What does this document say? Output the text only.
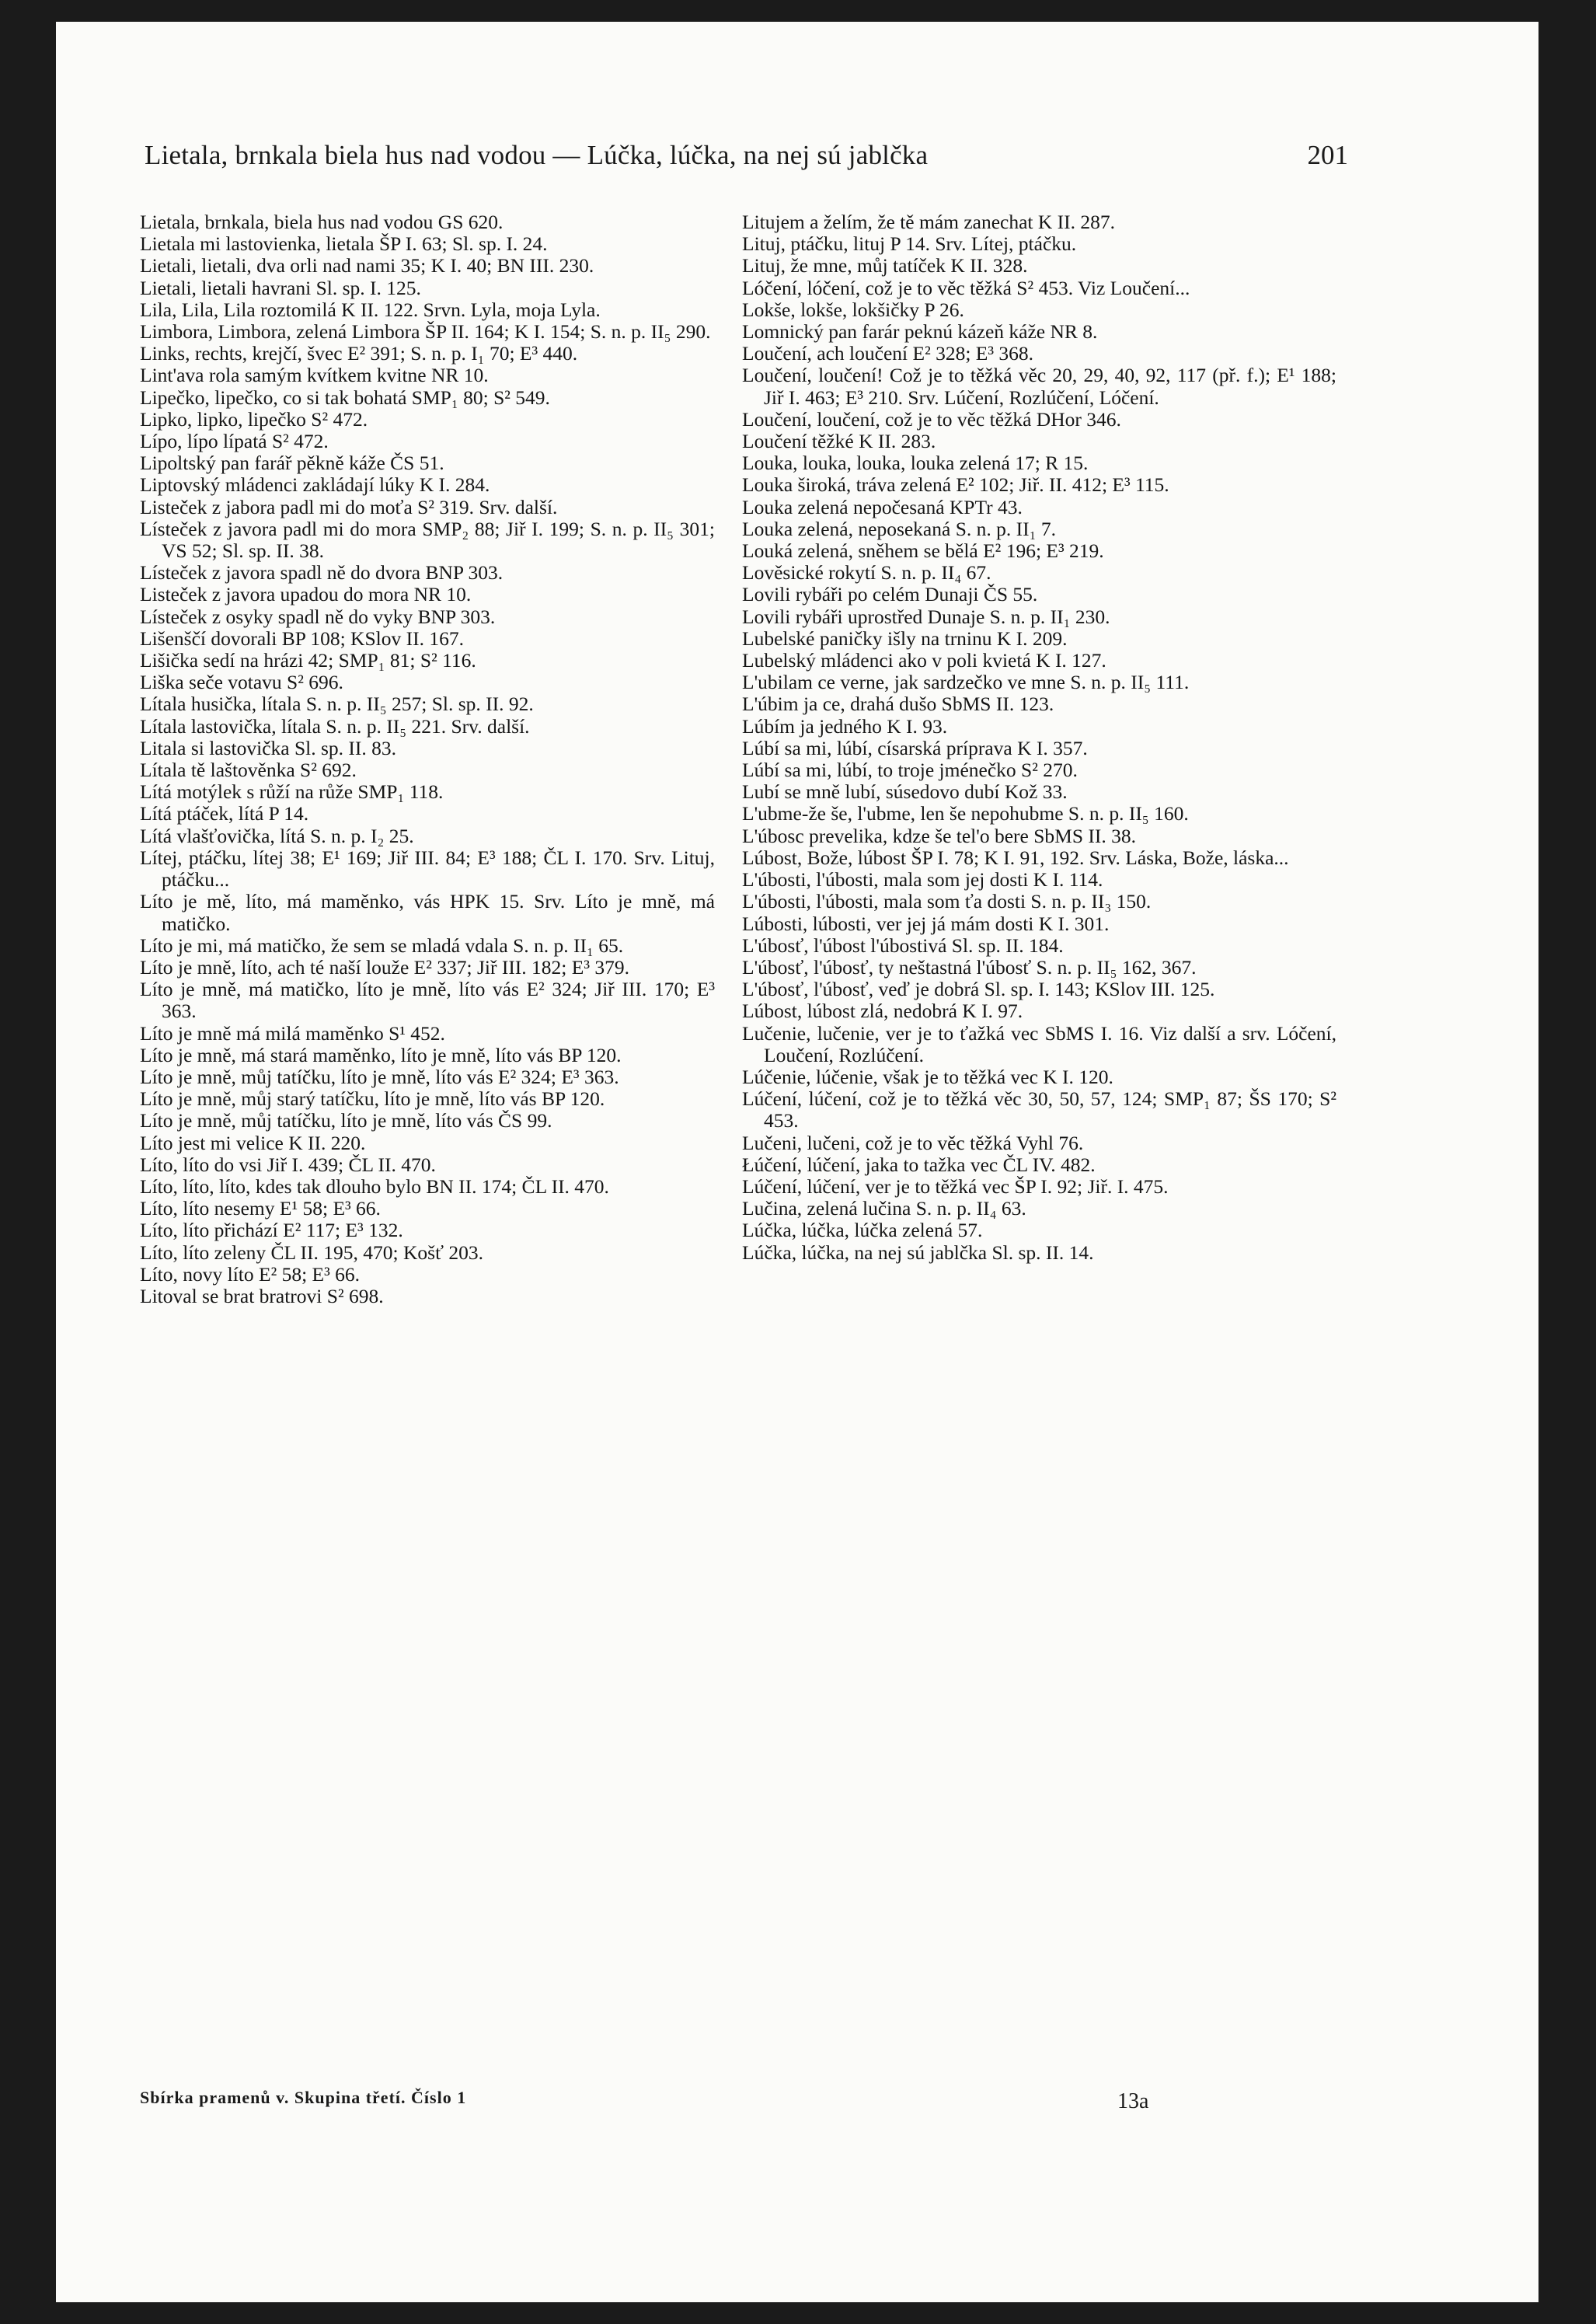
Lietala, brnkala biela hus nad vodou — Lúčka, lúčka, na nej sú jablčka	201

Lietala, brnkala, biela hus nad vodou GS 620.

Lietala mi lastovienka, lietala ŠP I. 63; Sl. sp. I. 24.

Lietali, lietali, dva orli nad nami 35; K I. 40; BN III. 230.

Lietali, lietali havrani Sl. sp. I. 125.

Lila, Lila, Lila roztomilá K II. 122. Srvn. Lyla, moja Lyla.

Limbora, Limbora, zelená Limbora ŠP II. 164; K I. 154; S. n. p. II₅ 290.

Links, rechts, krejčí, švec E² 391; S. n. p. I₁ 70; E³ 440.

Lint'ava rola samým kvítkem kvitne NR 10.

Lipečko, lipečko, co si tak bohatá SMP₁ 80; S² 549.

Lipko, lipko, lipečko S² 472.

Lípo, lípo lípatá S² 472.

Lipoltský pan farář pěkně káže ČS 51.

Liptovský mládenci zakládají lúky K I. 284.

Listeček z jabora padl mi do moťa S² 319. Srv. další.

Lísteček z javora padl mi do mora SMP₂ 88; Jiř I. 199; S. n. p. II₅ 301; VS 52; Sl. sp. II. 38.

Lísteček z javora spadl ně do dvora BNP 303.

Listeček z javora upadou do mora NR 10.

Lísteček z osyky spadl ně do vyky BNP 303.

Lišenščí dovorali BP 108; KSlov II. 167.

Lišička sedí na hrázi 42; SMP₁ 81; S² 116.

Liška seče votavu S² 696.

Lítala husička, lítala S. n. p. II₅ 257; Sl. sp. II. 92.

Lítala lastovička, lítala S. n. p. II₅ 221. Srv. další.

Litala si lastovička Sl. sp. II. 83.

Lítala tě laštověnka S² 692.

Lítá motýlek s růží na růže SMP₁ 118.

Lítá ptáček, lítá P 14.

Lítá vlašťovička, lítá S. n. p. I₂ 25.

Lítej, ptáčku, lítej 38; E¹ 169; Jiř III. 84; E³ 188; ČL I. 170. Srv. Lituj, ptáčku...

Líto je mě, líto, má maměnko, vás HPK 15. Srv. Líto je mně, má matičko.

Líto je mi, má matičko, že sem se mladá vdala S. n. p. II₁ 65.

Líto je mně, líto, ach té naší louže E² 337; Jiř III. 182; E³ 379.

Líto je mně, má matičko, líto je mně, líto vás E² 324; Jiř III. 170; E³ 363.

Líto je mně má milá maměnko S¹ 452.

Líto je mně, má stará maměnko, líto je mně, líto vás BP 120.

Líto je mně, můj tatíčku, líto je mně, líto vás E² 324; E³ 363.

Líto je mně, můj starý tatíčku, líto je mně, líto vás BP 120.

Líto je mně, můj tatíčku, líto je mně, líto vás ČS 99.

Líto jest mi velice K II. 220.

Líto, líto do vsi Jiř I. 439; ČL II. 470.

Líto, líto, líto, kdes tak dlouho bylo BN II. 174; ČL II. 470.

Líto, líto nesemy E¹ 58; E³ 66.

Líto, líto přichází E² 117; E³ 132.

Líto, líto zeleny ČL II. 195, 470; Košť 203.

Líto, novy líto E² 58; E³ 66.

Litoval se brat bratrovi S² 698.

Litujem a želím, že tě mám zanechat K II. 287.

Lituj, ptáčku, lituj P 14. Srv. Lítej, ptáčku.

Lituj, že mne, můj tatíček K II. 328.

Lóčení, lóčení, což je to věc těžká S² 453. Viz Loučení...

Lokše, lokše, lokšičky P 26.

Lomnický pan farár peknú kázeň káže NR 8.

Loučení, ach loučení E² 328; E³ 368.

Loučení, loučení! Což je to těžká věc 20, 29, 40, 92, 117 (př. f.); E¹ 188; Jiř I. 463; E³ 210. Srv. Lúčení, Rozlúčení, Lóčení.

Loučení, loučení, což je to věc těžká DHor 346.

Loučení těžké K II. 283.

Louka, louka, louka, louka zelená 17; R 15.

Louka široká, tráva zelená E² 102; Jiř. II. 412; E³ 115.

Louka zelená nepočesaná KPTr 43.

Louka zelená, neposekaná S. n. p. II₁ 7.

Louká zelená, sněhem se bělá E² 196; E³ 219.

Lověsické rokytí S. n. p. II₄ 67.

Lovili rybáři po celém Dunaji ČS 55.

Lovili rybáři uprostřed Dunaje S. n. p. II₁ 230.

Lubelské paničky išly na trninu K I. 209.

Lubelský mládenci ako v poli kvietá K I. 127.

L'ubilam ce verne, jak sardzečko ve mne S. n. p. II₅ 111.

L'úbim ja ce, drahá dušo SbMS II. 123.

Lúbím ja jedného K I. 93.

Lúbí sa mi, lúbí, císarská prípravа K I. 357.

Lúbí sa mi, lúbí, to troje jménečko S² 270.

Lubí se mně lubí, súsedovo dubí Kož 33.

L'ubme-že še, l'ubme, len še nepohubme S. n. p. II₅ 160.

L'úbosc prevelika, kdze še tel'o bere SbMS II. 38.

Lúbost, Bože, lúbost ŠP I. 78; K I. 91, 192. Srv. Láska, Bože, láska...

L'úbosti, l'úbosti, mala som jej dosti K I. 114.

L'úbosti, l'úbosti, mala som ťa dosti S. n. p. II₃ 150.

Lúbosti, lúbosti, ver jej já mám dosti K I. 301.

L'úbosť, l'úbost l'úbostivá Sl. sp. II. 184.

L'úbosť, l'úbosť, ty neštastná l'úbosť S. n. p. II₅ 162, 367.

L'úbosť, l'úbosť, veď je dobrá Sl. sp. I. 143; KSlov III. 125.

Lúbost, lúbost zlá, nedobrá K I. 97.

Lučenie, lučenie, ver je to ťažká vec SbMS I. 16. Viz další a srv. Lóčení, Loučení, Rozlúčení.

Lúčenie, lúčenie, však je to těžká vec K I. 120.

Lúčení, lúčení, což je to těžká věc 30, 50, 57, 124; SMP₁ 87; ŠS 170; S² 453.

Lučeni, lučeni, což je to věc těžká Vyhl 76.

Łúčení, lúčení, jaka to tažka vec ČL IV. 482.

Lúčení, lúčení, ver je to těžká vec ŠP I. 92; Jiř. I. 475.

Lučina, zelená lučina S. n. p. II₄ 63.

Lúčka, lúčka, lúčka zelená 57.

Lúčka, lúčka, na nej sú jablčka Sl. sp. II. 14.

Sbírka pramenů v. Skupina třetí. Číslo 1	13a
